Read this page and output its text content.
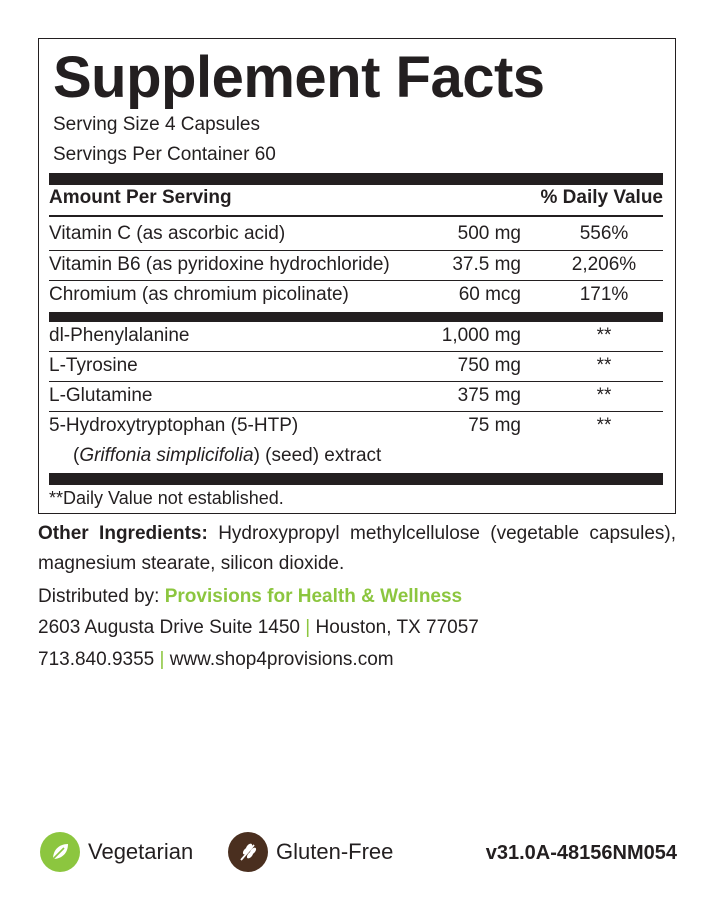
Supplement Facts
Serving Size 4 Capsules
Servings Per Container 60
Amount Per Serving	% Daily Value
Vitamin C (as ascorbic acid)	500 mg	556%
Vitamin B6 (as pyridoxine hydrochloride)	37.5 mg	2,206%
Chromium (as chromium picolinate)	60 mcg	171%
dl-Phenylalanine	1,000 mg	**
L-Tyrosine	750 mg	**
L-Glutamine	375 mg	**
5-Hydroxytryptophan (5-HTP)	75 mg	**
(Griffonia simplicifolia) (seed) extract
**Daily Value not established.
Other Ingredients: Hydroxypropyl methylcellulose (vegetable capsules), magnesium stearate, silicon dioxide.
Distributed by: Provisions for Health & Wellness
2603 Augusta Drive Suite 1450 | Houston, TX 77057
713.840.9355 | www.shop4provisions.com
Vegetarian	Gluten-Free	v31.0A-48156NM054
